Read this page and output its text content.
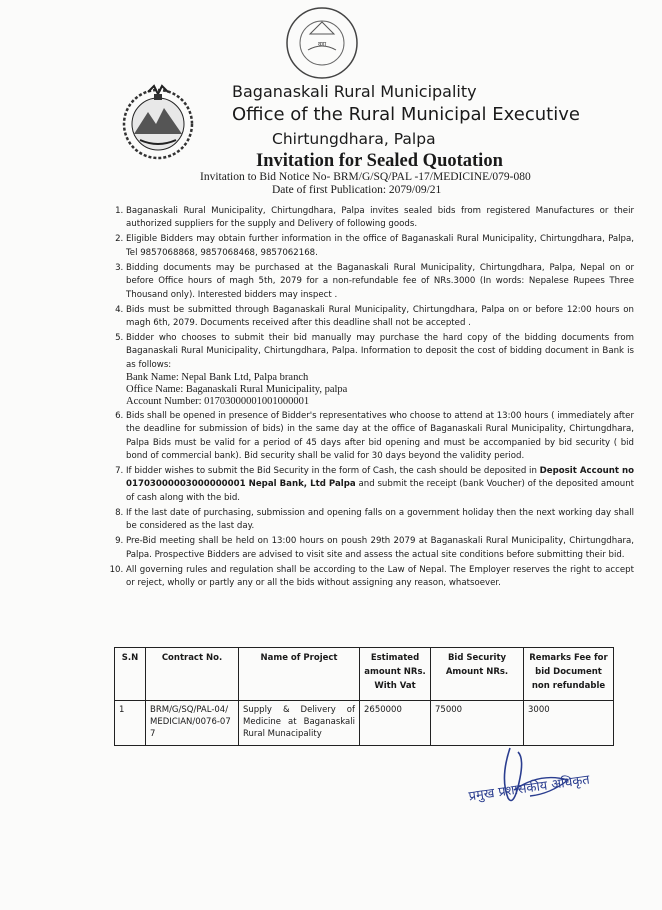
वडा
Baganaskali Rural Municipality
Office of the Rural Municipal Executive
Chirtungdhara, Palpa
Invitation for Sealed Quotation
Invitation to Bid Notice No- BRM/G/SQ/PAL -17/MEDICINE/079-080
Date of first Publication: 2079/09/21
1. Baganaskali Rural Municipality, Chirtungdhara, Palpa invites sealed bids from registered Manufactures or their authorized suppliers for the supply and Delivery of following goods.
2. Eligible Bidders may obtain further information in the office of Baganaskali Rural Municipality, Chirtungdhara, Palpa, Tel 9857068868, 9857068468, 9857062168.
3. Bidding documents may be purchased at the Baganaskali Rural Municipality, Chirtungdhara, Palpa, Nepal on or before Office hours of magh 5th, 2079 for a non-refundable fee of NRs.3000 (In words: Nepalese Rupees Three Thousand only). Interested bidders may inspect .
4. Bids must be submitted through Baganaskali Rural Municipality, Chirtungdhara, Palpa on or before 12:00 hours on magh 6th, 2079. Documents received after this deadline shall not be accepted .
5. Bidder who chooses to submit their bid manually may purchase the hard copy of the bidding documents from Baganaskali Rural Municipality, Chirtungdhara, Palpa. Information to deposit the cost of bidding document in Bank is as follows:
Bank Name: Nepal Bank Ltd, Palpa branch
Office Name: Baganaskali Rural Municipality, palpa
Account Number: 01703000001001000001
6. Bids shall be opened in presence of Bidder's representatives who choose to attend at 13:00 hours ( immediately after the deadline for submission of bids) in the same day at the office of Baganaskali Rural Municipality, Chirtungdhara, Palpa Bids must be valid for a period of 45 days after bid opening and must be accompanied by bid security ( bid bond of commercial bank). Bid security shall be valid for 30 days beyond the validity period.
7. If bidder wishes to submit the Bid Security in the form of Cash, the cash should be deposited in Deposit Account no 01703000003000000001 Nepal Bank, Ltd Palpa and submit the receipt (bank Voucher) of the deposited amount of cash along with the bid.
8. If the last date of purchasing, submission and opening falls on a government holiday then the next working day shall be considered as the last day.
9. Pre-Bid meeting shall be held on 13:00 hours on poush 29th 2079 at Baganaskali Rural Municipality, Chirtungdhara, Palpa. Prospective Bidders are advised to visit site and assess the actual site conditions before submitting their bid.
10. All governing rules and regulation shall be according to the Law of Nepal. The Employer reserves the right to accept or reject, wholly or partly any or all the bids without assigning any reason, whatsoever.
S.N	Contract No.	Name of Project	Estimated amount NRs. With Vat	Bid Security Amount NRs.	Remarks Fee for bid Document non refundable
1	BRM/G/SQ/PAL-04/MEDICIAN/0076-077	Supply & Delivery of Medicine at Baganaskali Rural Munacipality	2650000	75000	3000
प्रमुख प्रशासकीय अधिकृत
